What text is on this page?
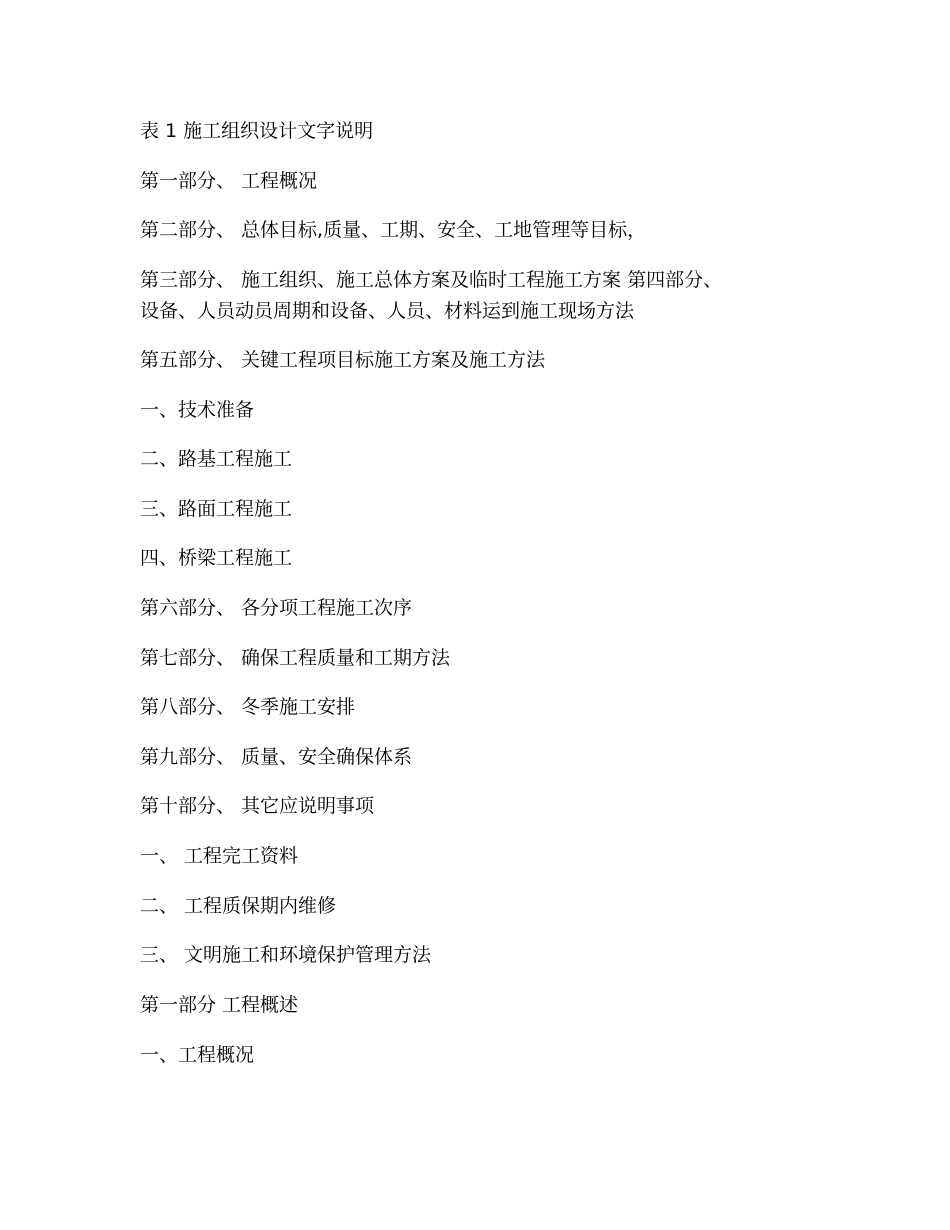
表 1 施工组织设计文字说明

第一部分、 工程概况

第二部分、 总体目标,质量、工期、安全、工地管理等目标，

第三部分、 施工组织、施工总体方案及临时工程施工方案 第四部分、

设备、人员动员周期和设备、人员、材料运到施工现场方法

第五部分、 关键工程项目标施工方案及施工方法

一、技术准备

二、路基工程施工

三、路面工程施工

四、桥梁工程施工

第六部分、 各分项工程施工次序

第七部分、 确保工程质量和工期方法

第八部分、 冬季施工安排

第九部分、 质量、安全确保体系

第十部分、 其它应说明事项

一、 工程完工资料

二、 工程质保期内维修

三、 文明施工和环境保护管理方法

第一部分 工程概述

一、工程概况
